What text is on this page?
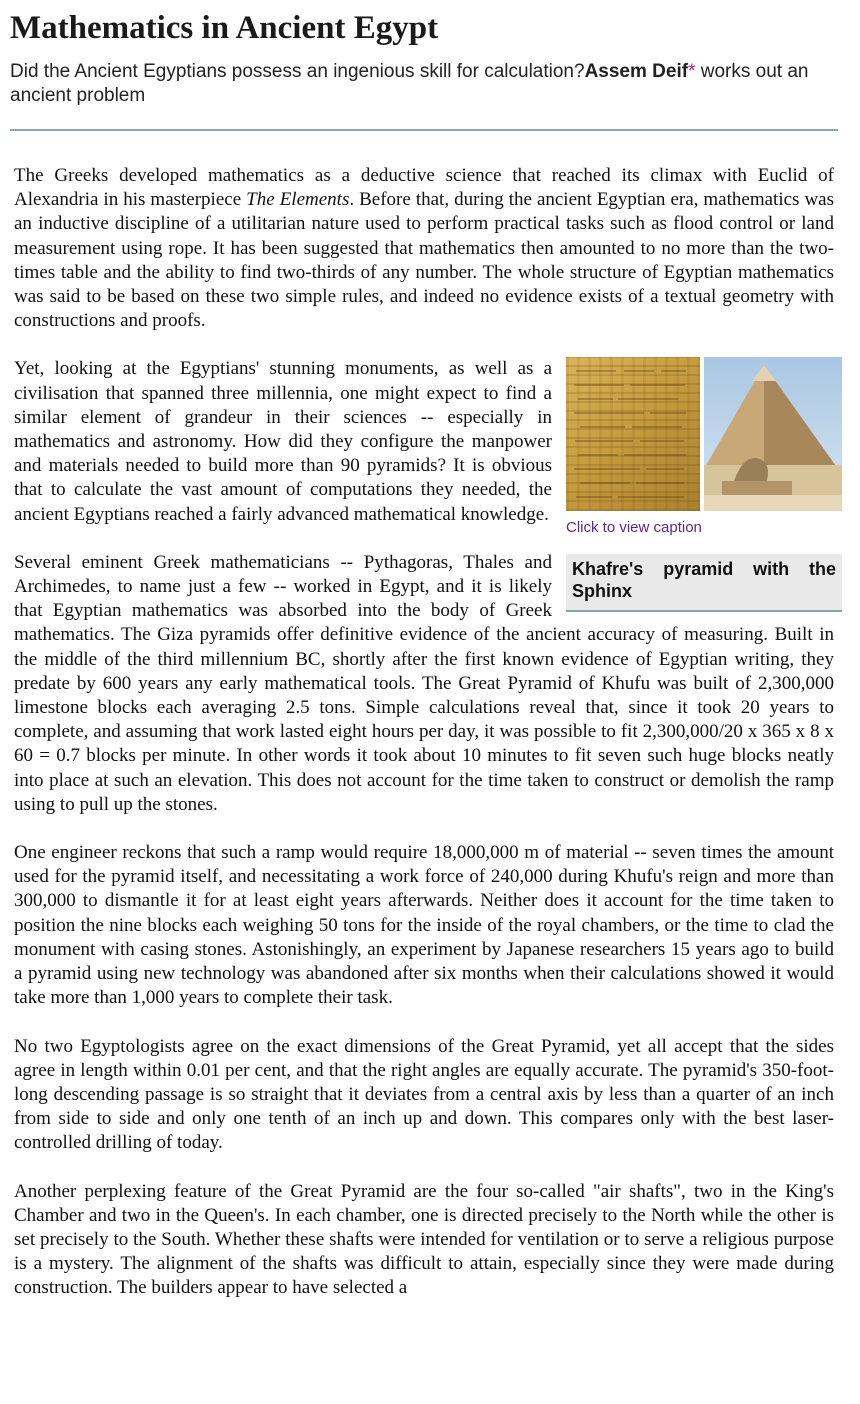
Mathematics in Ancient Egypt
Did the Ancient Egyptians possess an ingenious skill for calculation?Assem Deif* works out an ancient problem

The Greeks developed mathematics as a deductive science that reached its climax with Euclid of Alexandria in his masterpiece The Elements. Before that, during the ancient Egyptian era, mathematics was an inductive discipline of a utilitarian nature used to perform practical tasks such as flood control or land measurement using rope. It has been suggested that mathematics then amounted to no more than the two-times table and the ability to find two-thirds of any number. The whole structure of Egyptian mathematics was said to be based on these two simple rules, and indeed no evidence exists of a textual geometry with constructions and proofs.

Click to view caption
Khafre's pyramid with the Sphinx

Yet, looking at the Egyptians' stunning monuments, as well as a civilisation that spanned three millennia, one might expect to find a similar element of grandeur in their sciences -- especially in mathematics and astronomy. How did they configure the manpower and materials needed to build more than 90 pyramids? It is obvious that to calculate the vast amount of computations they needed, the ancient Egyptians reached a fairly advanced mathematical knowledge.

Several eminent Greek mathematicians -- Pythagoras, Thales and Archimedes, to name just a few -- worked in Egypt, and it is likely that Egyptian mathematics was absorbed into the body of Greek mathematics. The Giza pyramids offer definitive evidence of the ancient accuracy of measuring. Built in the middle of the third millennium BC, shortly after the first known evidence of Egyptian writing, they predate by 600 years any early mathematical tools. The Great Pyramid of Khufu was built of 2,300,000 limestone blocks each averaging 2.5 tons. Simple calculations reveal that, since it took 20 years to complete, and assuming that work lasted eight hours per day, it was possible to fit 2,300,000/20 x 365 x 8 x 60 = 0.7 blocks per minute. In other words it took about 10 minutes to fit seven such huge blocks neatly into place at such an elevation. This does not account for the time taken to construct or demolish the ramp using to pull up the stones.

One engineer reckons that such a ramp would require 18,000,000 m of material -- seven times the amount used for the pyramid itself, and necessitating a work force of 240,000 during Khufu's reign and more than 300,000 to dismantle it for at least eight years afterwards. Neither does it account for the time taken to position the nine blocks each weighing 50 tons for the inside of the royal chambers, or the time to clad the monument with casing stones. Astonishingly, an experiment by Japanese researchers 15 years ago to build a pyramid using new technology was abandoned after six months when their calculations showed it would take more than 1,000 years to complete their task.

No two Egyptologists agree on the exact dimensions of the Great Pyramid, yet all accept that the sides agree in length within 0.01 per cent, and that the right angles are equally accurate. The pyramid's 350-foot-long descending passage is so straight that it deviates from a central axis by less than a quarter of an inch from side to side and only one tenth of an inch up and down. This compares only with the best laser-controlled drilling of today.

Another perplexing feature of the Great Pyramid are the four so-called "air shafts", two in the King's Chamber and two in the Queen's. In each chamber, one is directed precisely to the North while the other is set precisely to the South. Whether these shafts were intended for ventilation or to serve a religious purpose is a mystery. The alignment of the shafts was difficult to attain, especially since they were made during construction. The builders appear to have selected a
